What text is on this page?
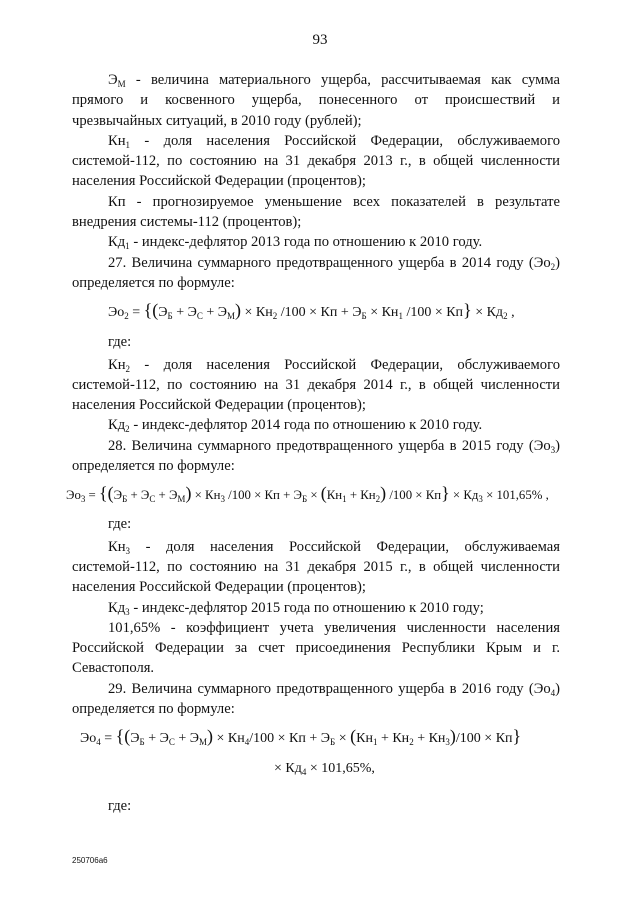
93

$Э_М$ - величина материального ущерба, рассчитываемая как сумма прямого и косвенного ущерба, понесенного от происшествий и чрезвычайных ситуаций, в 2010 году (рублей);

$Кн_1$ - доля населения Российской Федерации, обслуживаемого системой-112, по состоянию на 31 декабря 2013 г., в общей численности населения Российской Федерации (процентов);

Кп - прогнозируемое уменьшение всех показателей в результате внедрения системы-112 (процентов);

$Кд_1$ - индекс-дефлятор 2013 года по отношению к 2010 году.

27. Величина суммарного предотвращенного ущерба в 2014 году $(Эо_2)$ определяется по формуле:

$Эо_2 = \{(Э_Б + Э_С + Э_М) \times Кн_2$ /100 × Кп + $Э_Б \times Кн_1$ $/100 \times Кп\} \times Кд_2$ ,
где:

$Кн_2$ - доля населения Российской Федерации, обслуживаемого системой-112, по состоянию на 31 декабря 2014 г., в общей численности населения Российской Федерации (процентов);

$Кд_2$ - индекс-дефлятор 2014 года по отношению к 2010 году.

28. Величина суммарного предотвращенного ущерба в 2015 году $(Эо_3)$ определяется по формуле:

$Эо_3 = \{(Э_Б + Э_С + Э_М) \times Кн_3$ /100 × Кп + $Э_Б \times (Кн_1 + Кн_2) /100 \times Кп\} \times Кд_3 \times 101,65\%$ ,
где:

$Кн_3$ - доля населения Российской Федерации, обслуживаемая системой-112, по состоянию на 31 декабря 2015 г., в общей численности населения Российской Федерации (процентов);

$Кд_3$ - индекс-дефлятор 2015 года по отношению к 2010 году;

101,65% - коэффициент учета увеличения численности населения Российской Федерации за счет присоединения Республики Крым и г. Севастополя.

29. Величина суммарного предотвращенного ущерба в 2016 году $(Эо_4)$ определяется по формуле:

$Эо_4 = \{(Э_Б + Э_С + Э_М) \times Кн_4/100$ × Кп + $Э_Б \times (Кн_1 + Кн_2 + Кн_3)/100 \times Кп$}
× $Кд_4 \times 101,65\%$,
где:
250706а6
